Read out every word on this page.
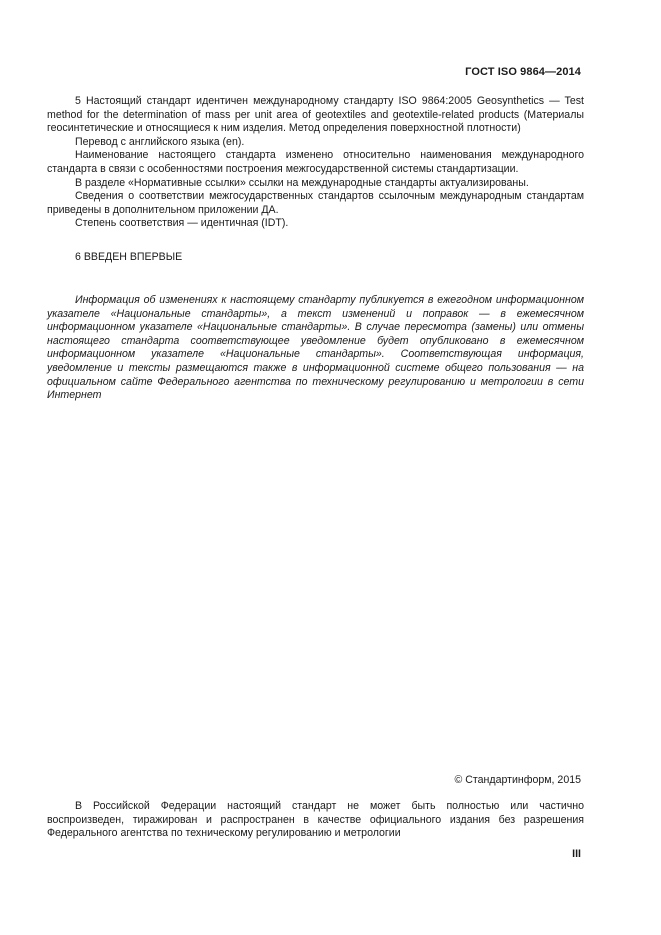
ГОСТ ISO 9864—2014

5 Настоящий стандарт идентичен международному стандарту ISO 9864:2005 Geosynthetics — Test method for the determination of mass per unit area of geotextiles and geotextile-related products (Материалы геосинтетические и относящиеся к ним изделия. Метод определения поверхностной плотности)

Перевод с английского языка (en).

Наименование настоящего стандарта изменено относительно наименования международного стандарта в связи с особенностями построения межгосударственной системы стандартизации.

В разделе «Нормативные ссылки» ссылки на международные стандарты актуализированы.

Сведения о соответствии межгосударственных стандартов ссылочным международным стандартам приведены в дополнительном приложении ДА.

Степень соответствия — идентичная (IDT).

6 ВВЕДЕН ВПЕРВЫЕ

Информация об изменениях к настоящему стандарту публикуется в ежегодном информационном указателе «Национальные стандарты», а текст изменений и поправок — в ежемесячном информационном указателе «Национальные стандарты». В случае пересмотра (замены) или отмены настоящего стандарта соответствующее уведомление будет опубликовано в ежемесячном информационном указателе «Национальные стандарты». Соответствующая информация, уведомление и тексты размещаются также в информационной системе общего пользования — на официальном сайте Федерального агентства по техническому регулированию и метрологии в сети Интернет

© Стандартинформ, 2015

В Российской Федерации настоящий стандарт не может быть полностью или частично воспроизведен, тиражирован и распространен в качестве официального издания без разрешения Федерального агентства по техническому регулированию и метрологии

III
